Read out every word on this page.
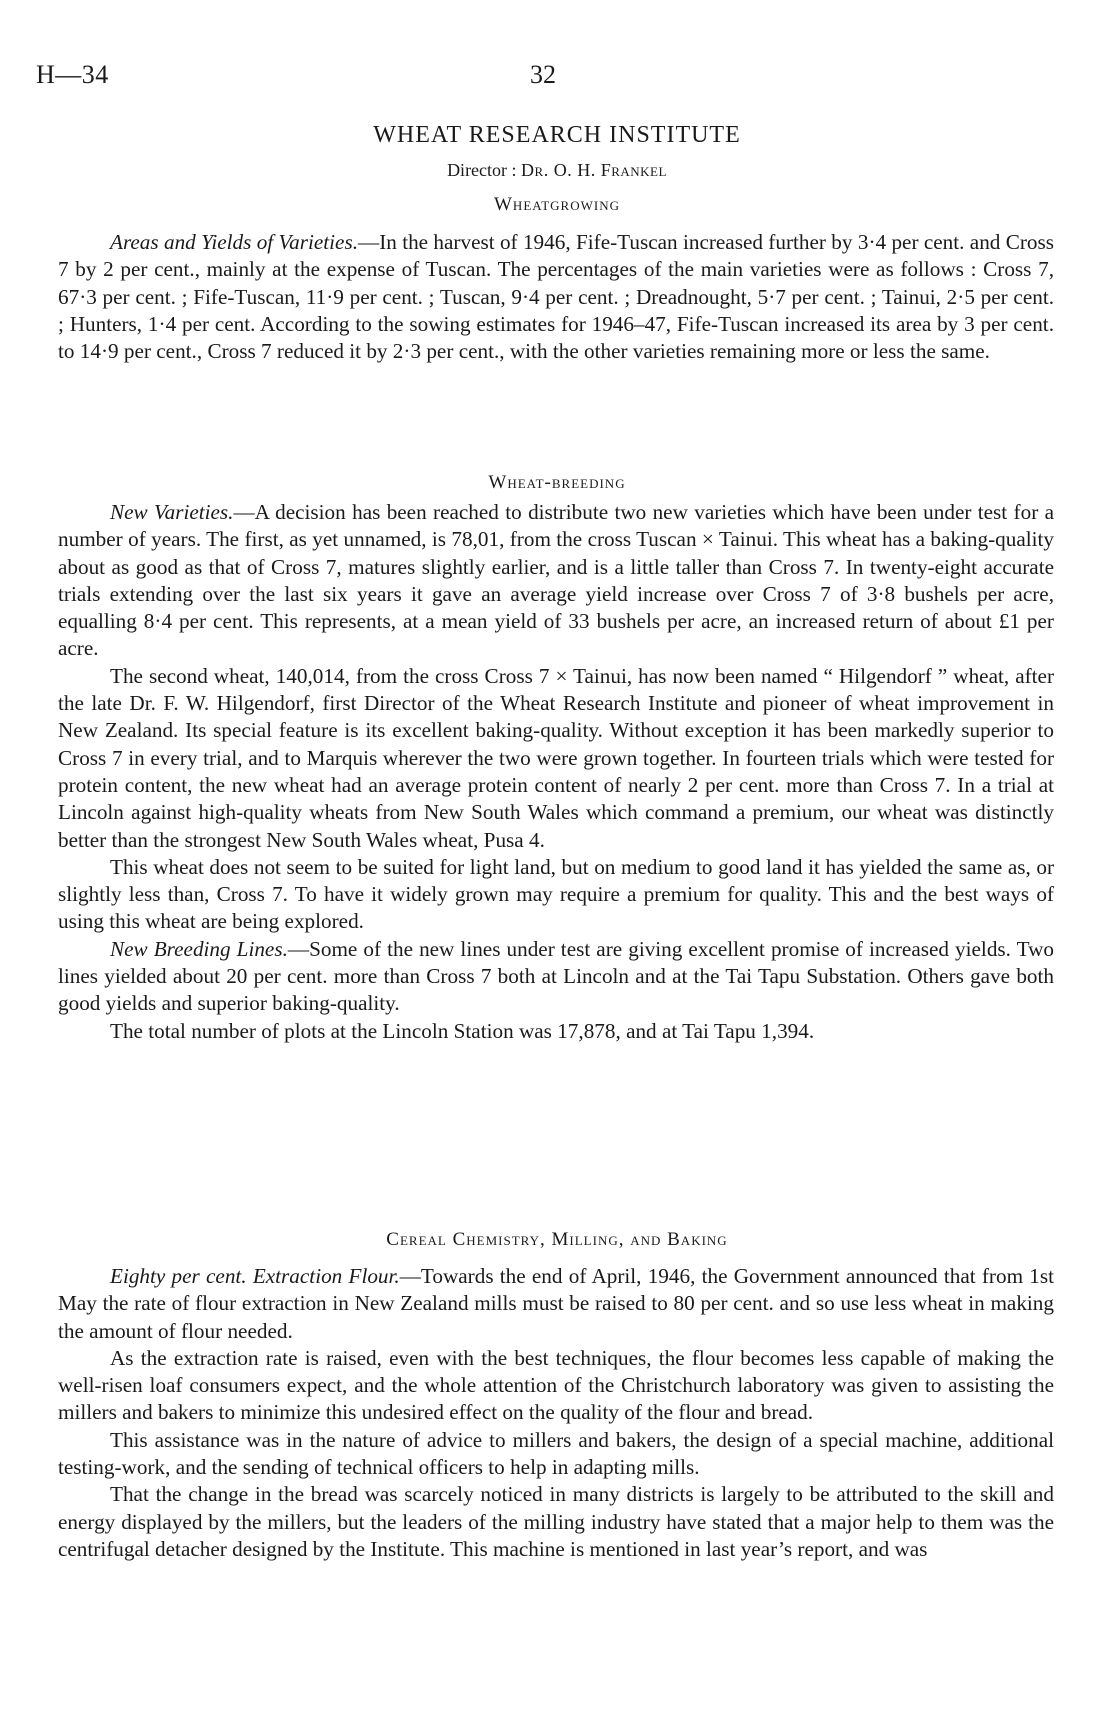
H—34	32
WHEAT RESEARCH INSTITUTE
Director : Dr. O. H. Frankel
Wheatgrowing

Areas and Yields of Varieties.—In the harvest of 1946, Fife-Tuscan increased further by 3·4 per cent. and Cross 7 by 2 per cent., mainly at the expense of Tuscan. The percentages of the main varieties were as follows : Cross 7, 67·3 per cent. ; Fife-Tuscan, 11·9 per cent. ; Tuscan, 9·4 per cent. ; Dreadnought, 5·7 per cent. ; Tainui, 2·5 per cent. ; Hunters, 1·4 per cent. According to the sowing estimates for 1946–47, Fife-Tuscan increased its area by 3 per cent. to 14·9 per cent., Cross 7 reduced it by 2·3 per cent., with the other varieties remaining more or less the same.

Wheat-breeding

New Varieties.—A decision has been reached to distribute two new varieties which have been under test for a number of years. The first, as yet unnamed, is 78,01, from the cross Tuscan × Tainui. This wheat has a baking-quality about as good as that of Cross 7, matures slightly earlier, and is a little taller than Cross 7. In twenty-eight accurate trials extending over the last six years it gave an average yield increase over Cross 7 of 3·8 bushels per acre, equalling 8·4 per cent. This represents, at a mean yield of 33 bushels per acre, an increased return of about £1 per acre.

The second wheat, 140,014, from the cross Cross 7 × Tainui, has now been named “ Hilgendorf ” wheat, after the late Dr. F. W. Hilgendorf, first Director of the Wheat Research Institute and pioneer of wheat improvement in New Zealand. Its special feature is its excellent baking-quality. Without exception it has been markedly superior to Cross 7 in every trial, and to Marquis wherever the two were grown together. In fourteen trials which were tested for protein content, the new wheat had an average protein content of nearly 2 per cent. more than Cross 7. In a trial at Lincoln against high-quality wheats from New South Wales which command a premium, our wheat was distinctly better than the strongest New South Wales wheat, Pusa 4.

This wheat does not seem to be suited for light land, but on medium to good land it has yielded the same as, or slightly less than, Cross 7. To have it widely grown may require a premium for quality. This and the best ways of using this wheat are being explored.

New Breeding Lines.—Some of the new lines under test are giving excellent promise of increased yields. Two lines yielded about 20 per cent. more than Cross 7 both at Lincoln and at the Tai Tapu Substation. Others gave both good yields and superior baking-quality.

The total number of plots at the Lincoln Station was 17,878, and at Tai Tapu 1,394.

Cereal Chemistry, Milling, and Baking

Eighty per cent. Extraction Flour.—Towards the end of April, 1946, the Government announced that from 1st May the rate of flour extraction in New Zealand mills must be raised to 80 per cent. and so use less wheat in making the amount of flour needed.

As the extraction rate is raised, even with the best techniques, the flour becomes less capable of making the well-risen loaf consumers expect, and the whole attention of the Christchurch laboratory was given to assisting the millers and bakers to minimize this undesired effect on the quality of the flour and bread.

This assistance was in the nature of advice to millers and bakers, the design of a special machine, additional testing-work, and the sending of technical officers to help in adapting mills.

That the change in the bread was scarcely noticed in many districts is largely to be attributed to the skill and energy displayed by the millers, but the leaders of the milling industry have stated that a major help to them was the centrifugal detacher designed by the Institute. This machine is mentioned in last year’s report, and was
